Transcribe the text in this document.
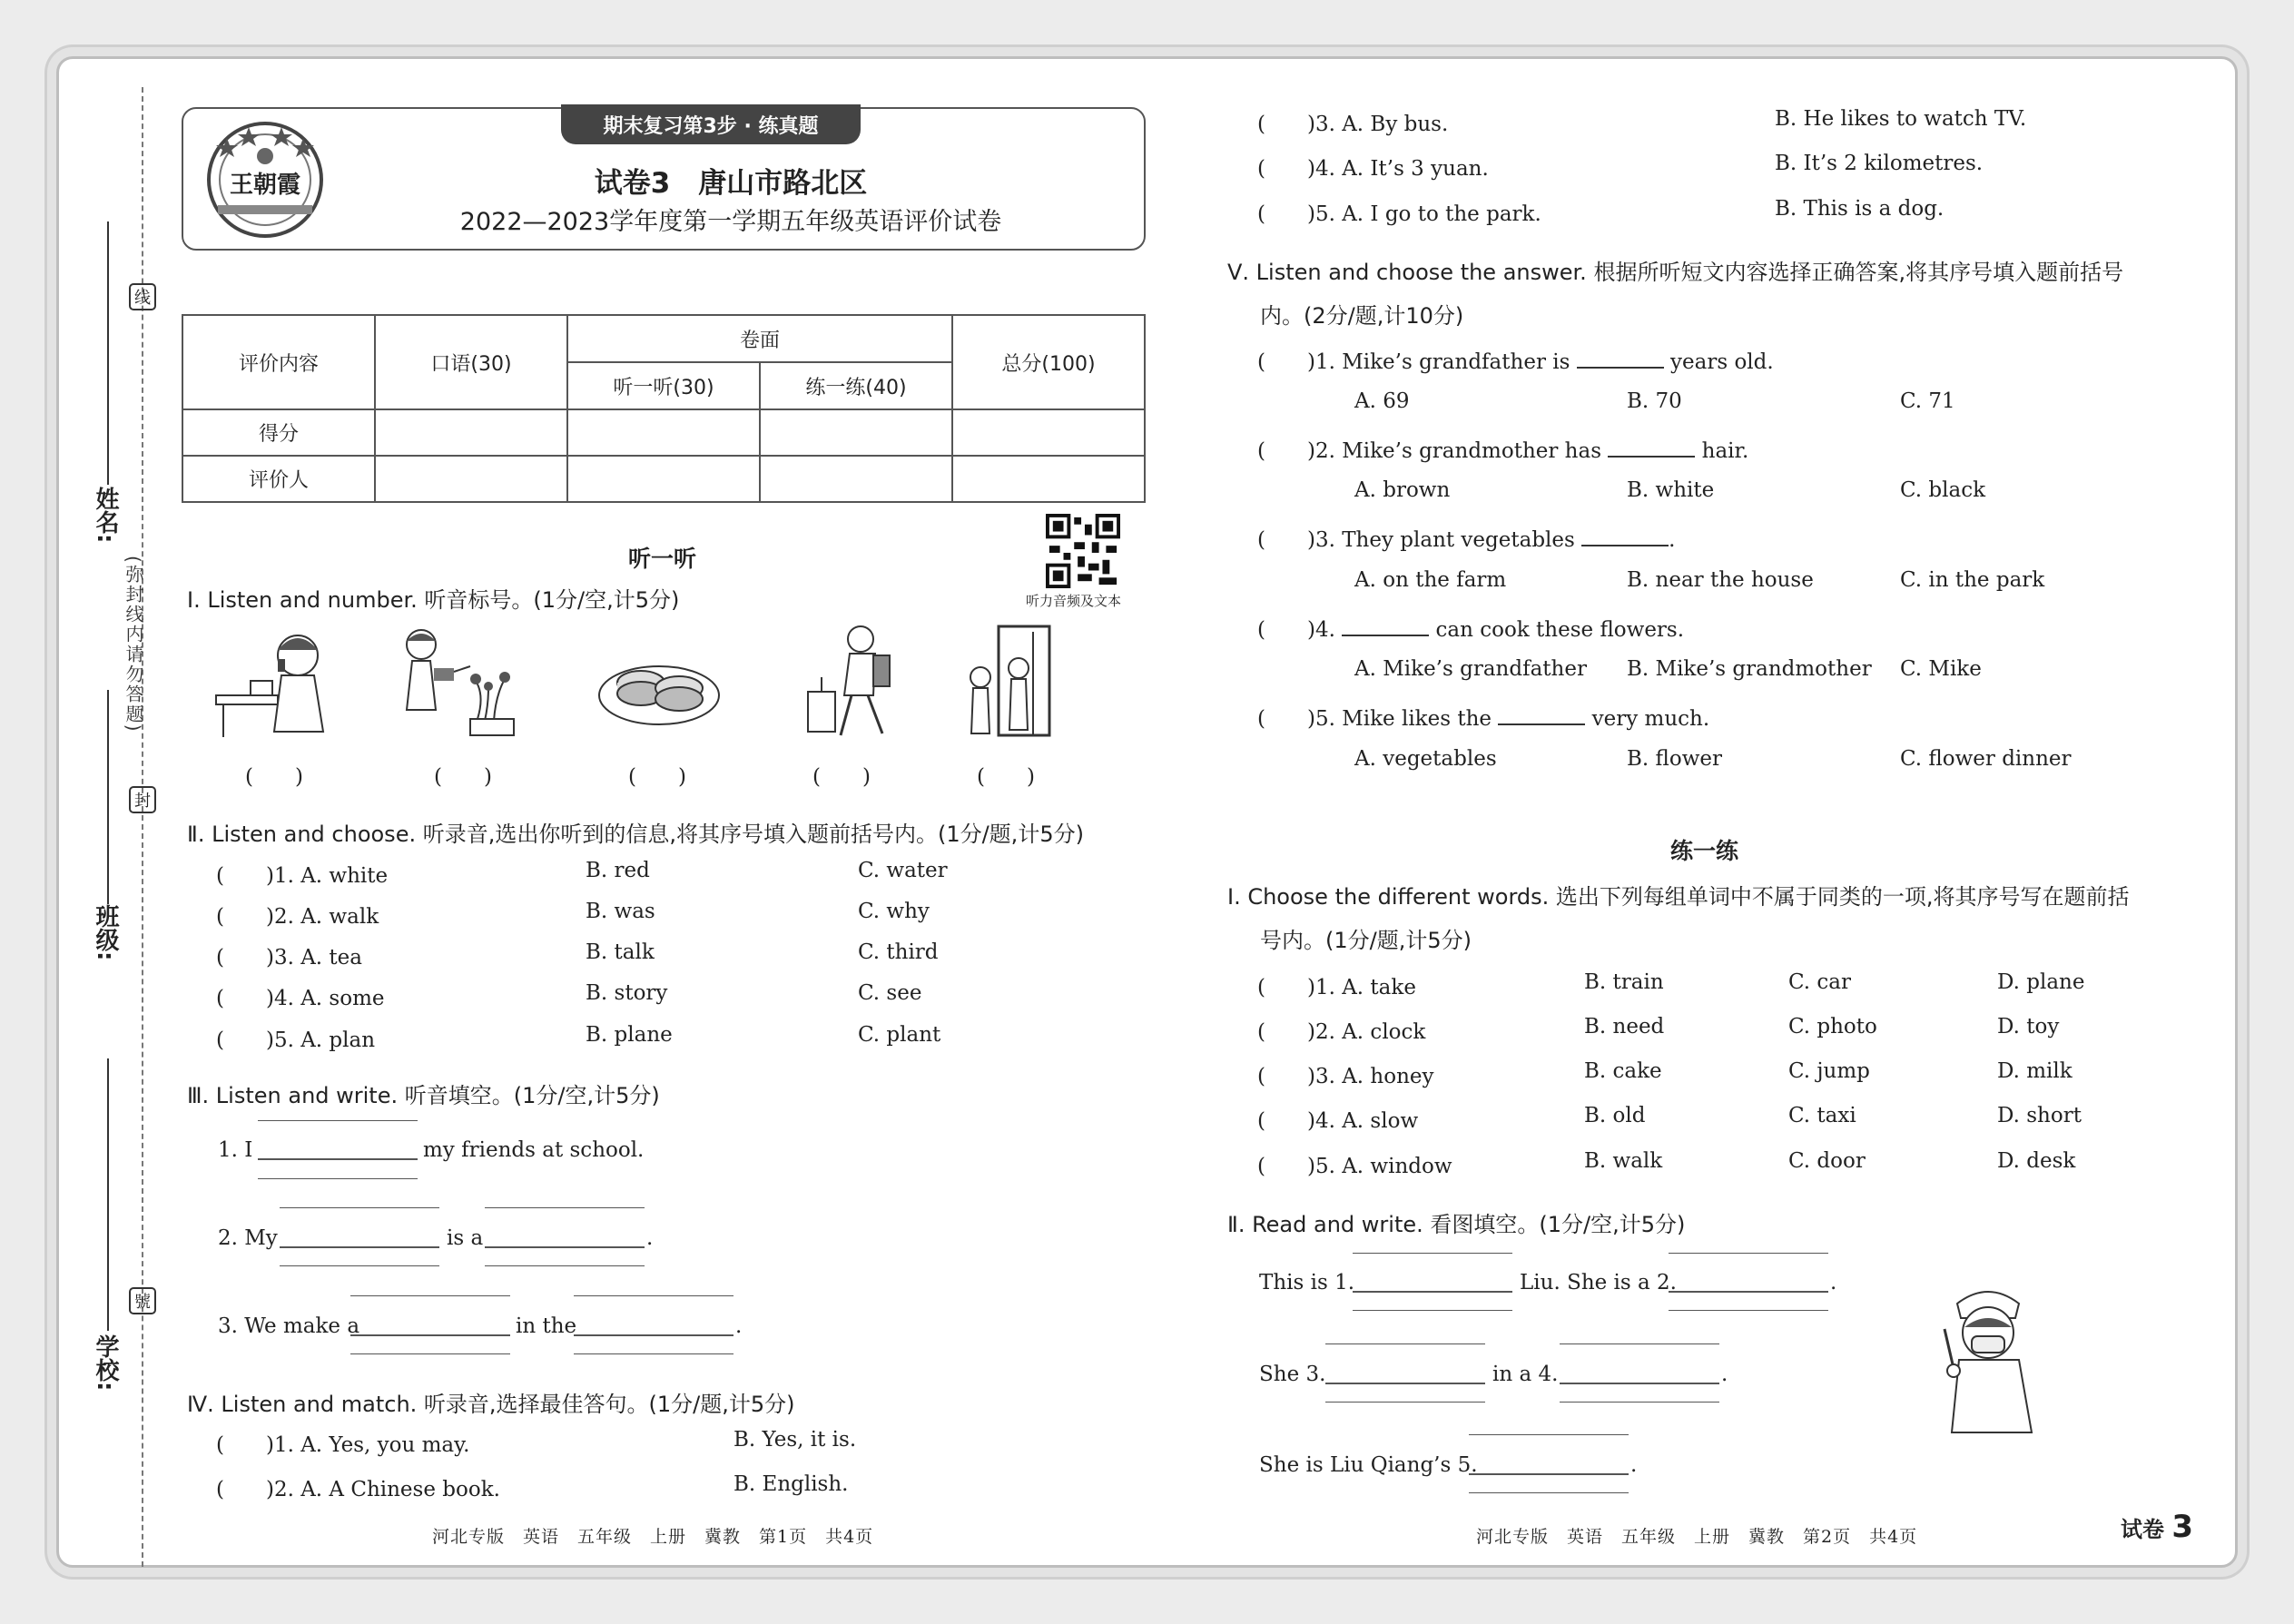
线
封
號
(弥封线内请勿答题)
姓名:
班级:
学校:
期末复习第3步 · 练真题
王朝霞	试卷3　唐山市路北区
2022—2023学年度第一学期五年级英语评价试卷
评价内容	口语(30)	卷面		总分(100)
		听一听(30)	练一练(40)	
得分				
评价人				
听一听
听力音频及文本
Ⅰ. Listen and number. 听音标号。(1分/空,计5分)
(　　)	(　　)	(　　)	(　　)	(　　)
Ⅱ. Listen and choose. 听录音,选出你听到的信息,将其序号填入题前括号内。(1分/题,计5分)
(　　)1. A. white	B. red	C. water
(　　)2. A. walk	B. was	C. why
(　　)3. A. tea	B. talk	C. third
(　　)4. A. some	B. story	C. see
(　　)5. A. plan	B. plane	C. plant
Ⅲ. Listen and write. 听音填空。(1分/空,计5分)
1. I	my friends at school.
2. My	is a	.
3. We make a	in the	.
Ⅳ. Listen and match. 听录音,选择最佳答句。(1分/题,计5分)
(　　)1. A. Yes, you may.	B. Yes, it is.
(　　)2. A. A Chinese book.	B. English.
(　　)3. A. By bus.	B. He likes to watch TV.
(　　)4. A. It’s 3 yuan.	B. It’s 2 kilometres.
(　　)5. A. I go to the park.	B. This is a dog.
Ⅴ. Listen and choose the answer. 根据所听短文内容选择正确答案,将其序号填入题前括号
内。(2分/题,计10分)
(　　)1. Mike’s grandfather is	years old.
A. 69	B. 70	C. 71
(　　)2. Mike’s grandmother has	hair.
A. brown	B. white	C. black
(　　)3. They plant vegetables	.
A. on the farm	B. near the house	C. in the park
(　　)4.	can cook these flowers.
A. Mike’s grandfather B. Mike’s grandmother C. Mike
(　　)5. Mike likes the	very much.
A. vegetables	B. flower	C. flower dinner
练一练
Ⅰ. Choose the different words. 选出下列每组单词中不属于同类的一项,将其序号写在题前括
号内。(1分/题,计5分)
(　　)1. A. take	B. train	C. car	D. plane
(　　)2. A. clock	B. need	C. photo	D. toy
(　　)3. A. honey	B. cake	C. jump	D. milk
(　　)4. A. slow	B. old	C. taxi	D. short
(　　)5. A. window	B. walk	C. door	D. desk
Ⅱ. Read and write. 看图填空。(1分/空,计5分)
This is 1.	Liu. She is a 2.	.
She 3.	in a 4.	.
She is Liu Qiang’s 5.	.
河北专版　英语　五年级　上册　冀教　第1页　共4页	河北专版　英语　五年级　上册　冀教　第2页　共4页	试卷 3
